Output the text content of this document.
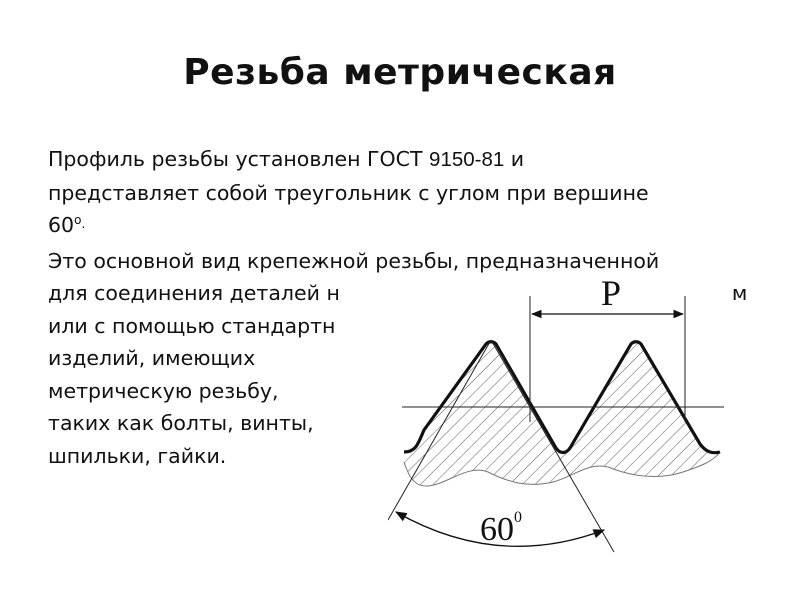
Резьба метрическая
Профиль резьбы установлен ГОСТ 9150-81 и
представляет собой треугольник с углом при вершине
$60^о$.
Это основной вид крепежной резьбы, предназначенной
для соединения деталей н	м
или с помощью стандартн
изделий, имеющих
метрическую резьбу,
таких как болты, винты,
шпильки, гайки.
P
$60^0$
